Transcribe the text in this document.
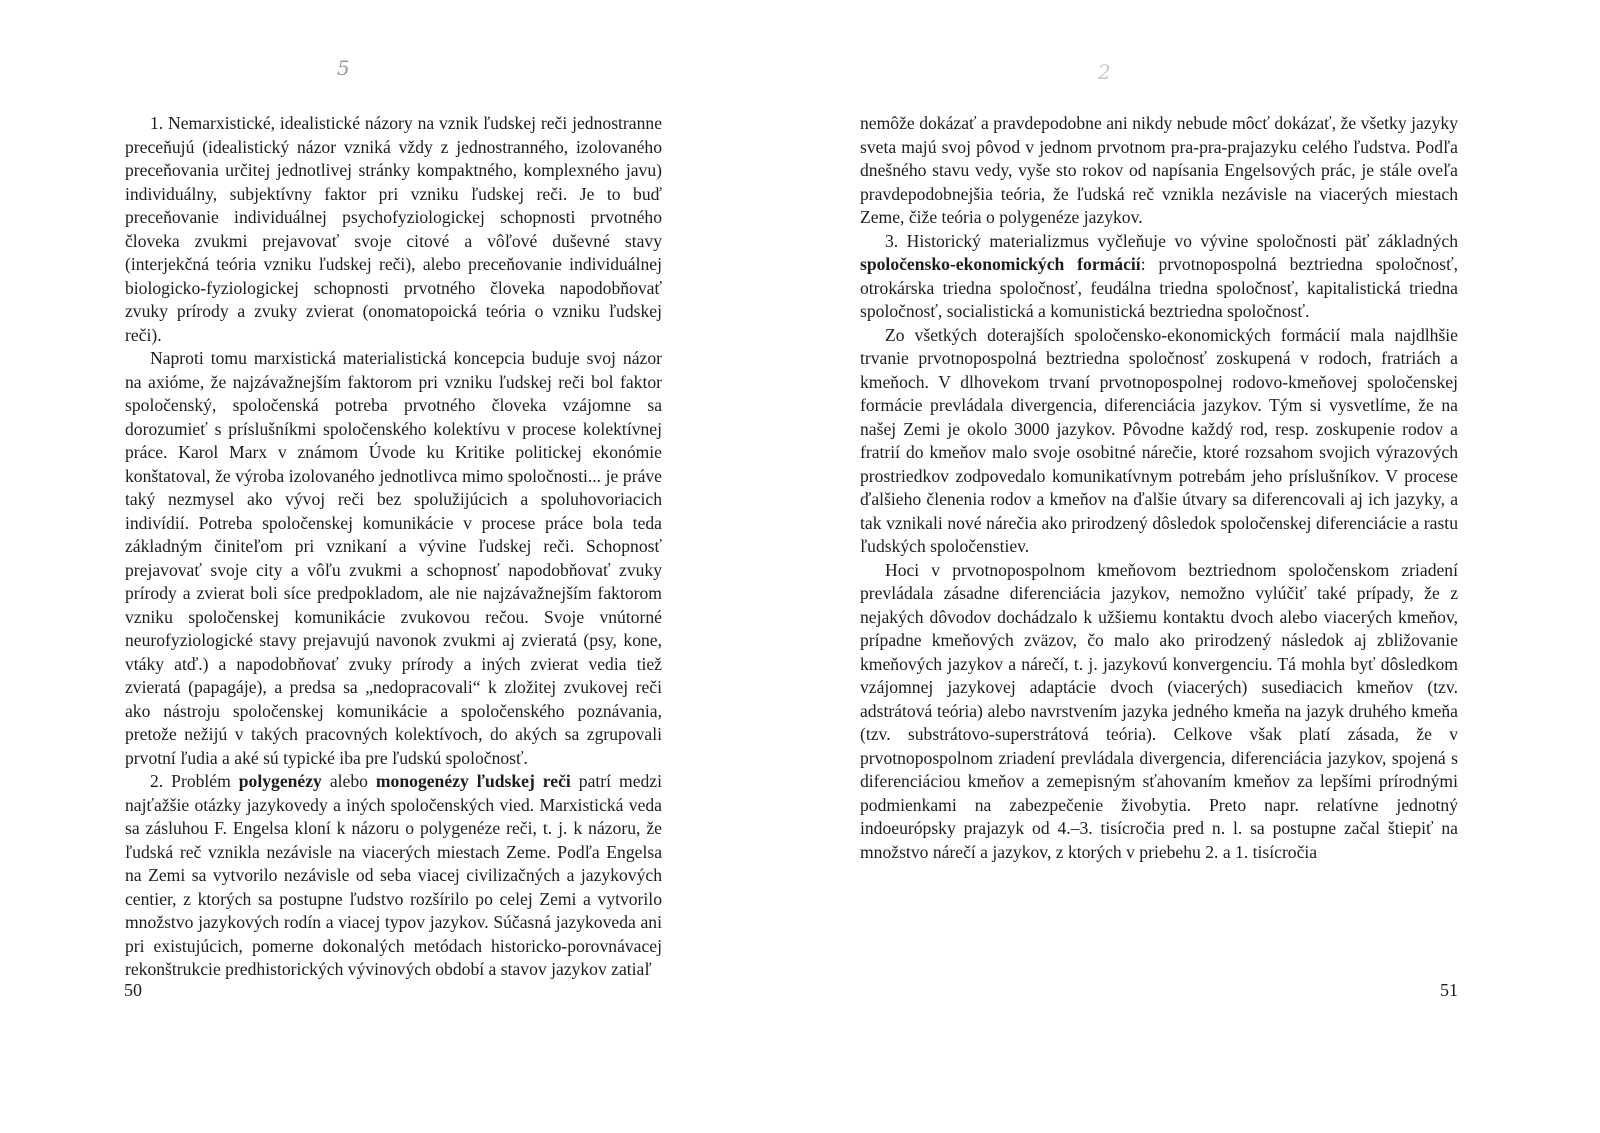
5

1. Nemarxistické, idealistické názory na vznik ľudskej reči jednostranne preceňujú (idealistický názor vzniká vždy z jednostranného, izolovaného preceňovania určitej jednotlivej stránky kompaktného, komplexného javu) individuálny, subjektívny faktor pri vzniku ľudskej reči. Je to buď preceňovanie individuálnej psychofyziologickej schopnosti prvotného človeka zvukmi prejavovať svoje citové a vôľové duševné stavy (interjekčná teória vzniku ľudskej reči), alebo preceňovanie individuálnej biologicko-fyziologickej schopnosti prvotného človeka napodobňovať zvuky prírody a zvuky zvierat (onomatopoická teória o vzniku ľudskej reči).

Naproti tomu marxistická materialistická koncepcia buduje svoj názor na axióme, že najzávažnejším faktorom pri vzniku ľudskej reči bol faktor spoločenský, spoločenská potreba prvotného človeka vzájomne sa dorozumieť s príslušníkmi spoločenského kolektívu v procese kolektívnej práce. Karol Marx v známom Úvode ku Kritike politickej ekonómie konštatoval, že výroba izolovaného jednotlivca mimo spoločnosti... je práve taký nezmysel ako vývoj reči bez spolužijúcich a spoluhovoriacich indivídií. Potreba spoločenskej komunikácie v procese práce bola teda základným činiteľom pri vznikaní a vývine ľudskej reči. Schopnosť prejavovať svoje city a vôľu zvukmi a schopnosť napodobňovať zvuky prírody a zvierat boli síce predpokladom, ale nie najzávažnejším faktorom vzniku spoločenskej komunikácie zvukovou rečou. Svoje vnútorné neurofyziologické stavy prejavujú navonok zvukmi aj zvieratá (psy, kone, vtáky atď.) a napodobňovať zvuky prírody a iných zvierat vedia tiež zvieratá (papagáje), a predsa sa „nedopracovali“ k zložitej zvukovej reči ako nástroju spoločenskej komunikácie a spoločenského poznávania, pretože nežijú v takých pracovných kolektívoch, do akých sa zgrupovali prvotní ľudia a aké sú typické iba pre ľudskú spoločnosť.

2. Problém polygenézy alebo monogenézy ľudskej reči patrí medzi najťažšie otázky jazykovedy a iných spoločenských vied. Marxistická veda sa zásluhou F. Engelsa kloní k názoru o polygenéze reči, t. j. k názoru, že ľudská reč vznikla nezávisle na viacerých miestach Zeme. Podľa Engelsa na Zemi sa vytvorilo nezávisle od seba viacej civilizačných a jazykových centier, z ktorých sa postupne ľudstvo rozšírilo po celej Zemi a vytvorilo množstvo jazykových rodín a viacej typov jazykov. Súčasná jazykoveda ani pri existujúcich, pomerne dokonalých metódach historicko-porovnávacej rekonštrukcie predhistorických vývinových období a stavov jazykov zatiaľ

50
2

nemôže dokázať a pravdepodobne ani nikdy nebude môcť dokázať, že všetky jazyky sveta majú svoj pôvod v jednom prvotnom pra-pra-prajazyku celého ľudstva. Podľa dnešného stavu vedy, vyše sto rokov od napísania Engelsových prác, je stále oveľa pravdepodobnejšia teória, že ľudská reč vznikla nezávisle na viacerých miestach Zeme, čiže teória o polygenéze jazykov.

3. Historický materializmus vyčleňuje vo vývine spoločnosti päť základných spoločensko-ekonomických formácií: prvotnopospolná beztriedna spoločnosť, otrokárska triedna spoločnosť, feudálna triedna spoločnosť, kapitalistická triedna spoločnosť, socialistická a komunistická beztriedna spoločnosť.

Zo všetkých doterajších spoločensko-ekonomických formácií mala najdlhšie trvanie prvotnopospolná beztriedna spoločnosť zoskupená v rodoch, fratriách a kmeňoch. V dlhovekom trvaní prvotnopospolnej rodovo-kmeňovej spoločenskej formácie prevládala divergencia, diferenciácia jazykov. Tým si vysvetlíme, že na našej Zemi je okolo 3000 jazykov. Pôvodne každý rod, resp. zoskupenie rodov a fratrií do kmeňov malo svoje osobitné nárečie, ktoré rozsahom svojich výrazových prostriedkov zodpovedalo komunikatívnym potrebám jeho príslušníkov. V procese ďalšieho členenia rodov a kmeňov na ďalšie útvary sa diferencovali aj ich jazyky, a tak vznikali nové nárečia ako prirodzený dôsledok spoločenskej diferenciácie a rastu ľudských spoločenstiev.

Hoci v prvotnopospolnom kmeňovom beztriednom spoločenskom zriadení prevládala zásadne diferenciácia jazykov, nemožno vylúčiť také prípady, že z nejakých dôvodov dochádzalo k užšiemu kontaktu dvoch alebo viacerých kmeňov, prípadne kmeňových zväzov, čo malo ako prirodzený následok aj zbližovanie kmeňových jazykov a nárečí, t. j. jazykovú konvergenciu. Tá mohla byť dôsledkom vzájomnej jazykovej adaptácie dvoch (viacerých) susediacich kmeňov (tzv. adstrátová teória) alebo navrstvením jazyka jedného kmeňa na jazyk druhého kmeňa (tzv. substrátovo-superstrátová teória). Celkove však platí zásada, že v prvotnopospolnom zriadení prevládala divergencia, diferenciácia jazykov, spojená s diferenciáciou kmeňov a zemepisným sťahovaním kmeňov za lepšími prírodnými podmienkami na zabezpečenie živobytia. Preto napr. relatívne jednotný indoeurópsky prajazyk od 4.–3. tisícročia pred n. l. sa postupne začal štiepiť na množstvo nárečí a jazykov, z ktorých v priebehu 2. a 1. tisícročia

51
